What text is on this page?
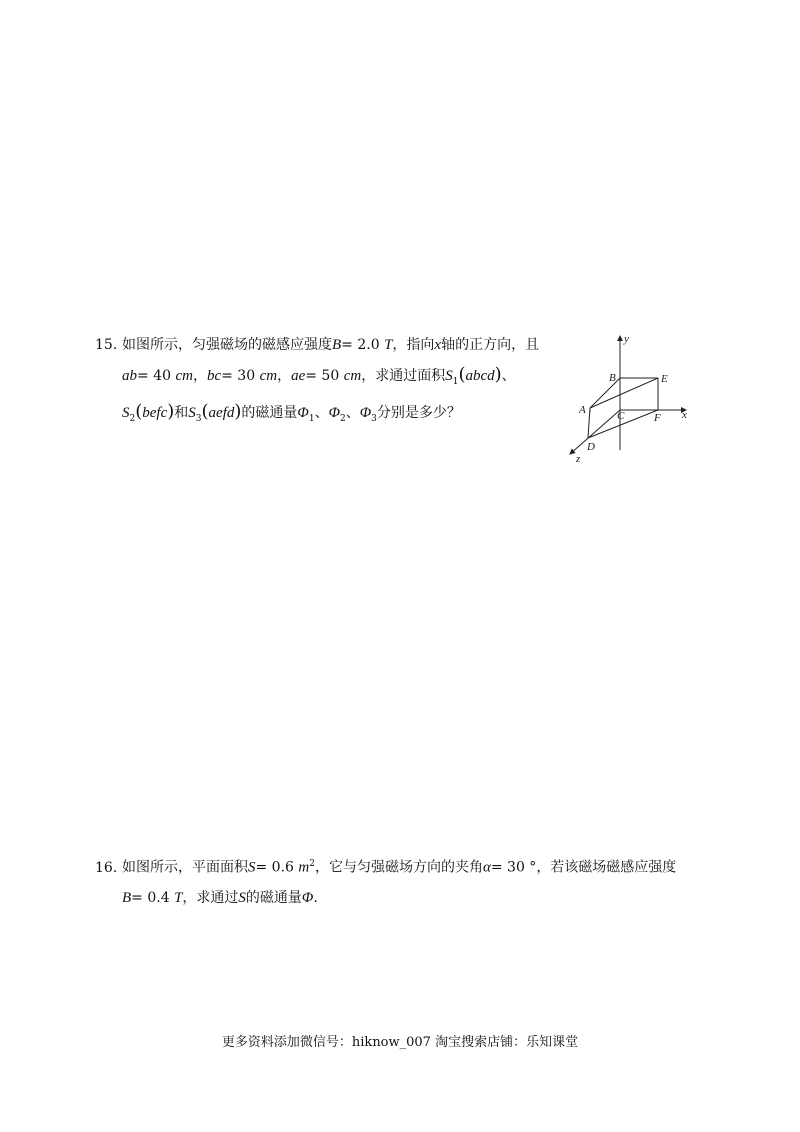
15. 如图所示，匀强磁场的磁感应强度B= 2.0 T，指向x轴的正方向，且
ab= 40 cm，bc= 30 cm，ae= 50 cm，求通过面积$S_1(abcd)$、
$S_2(befc)$和$S_3(aefd)$的磁通量$\Phi_1$、$\Phi_2$、$\Phi_3$分别是多少？
y
B	E
A	C	F x
D
z
16. 如图所示，平面面积S= 0.6 $m^2$，它与匀强磁场方向的夹角α= 30 °，若该磁场磁感应强度
B= 0.4 T，求通过S的磁通量Φ.
更多资料添加微信号：hiknow_007 淘宝搜索店铺：乐知课堂
